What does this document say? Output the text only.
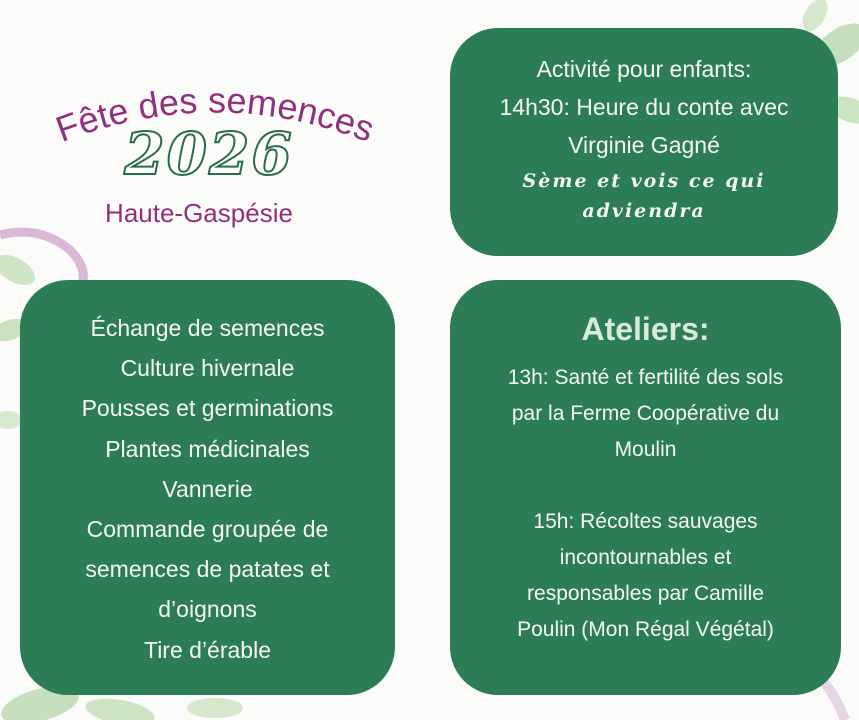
Fête des semences
2026
Haute-Gaspésie
Activité pour enfants:
14h30: Heure du conte avec
Virginie Gagné
Sème et vois ce qui adviendra
Échange de semences
Culture hivernale
Pousses et germinations
Plantes médicinales
Vannerie
Commande groupée de
semences de patates et
d’oignons
Tire d’érable
Ateliers:
13h: Santé et fertilité des sols
par la Ferme Coopérative du
Moulin
15h: Récoltes sauvages
incontournables et
responsables par Camille
Poulin (Mon Régal Végétal)
